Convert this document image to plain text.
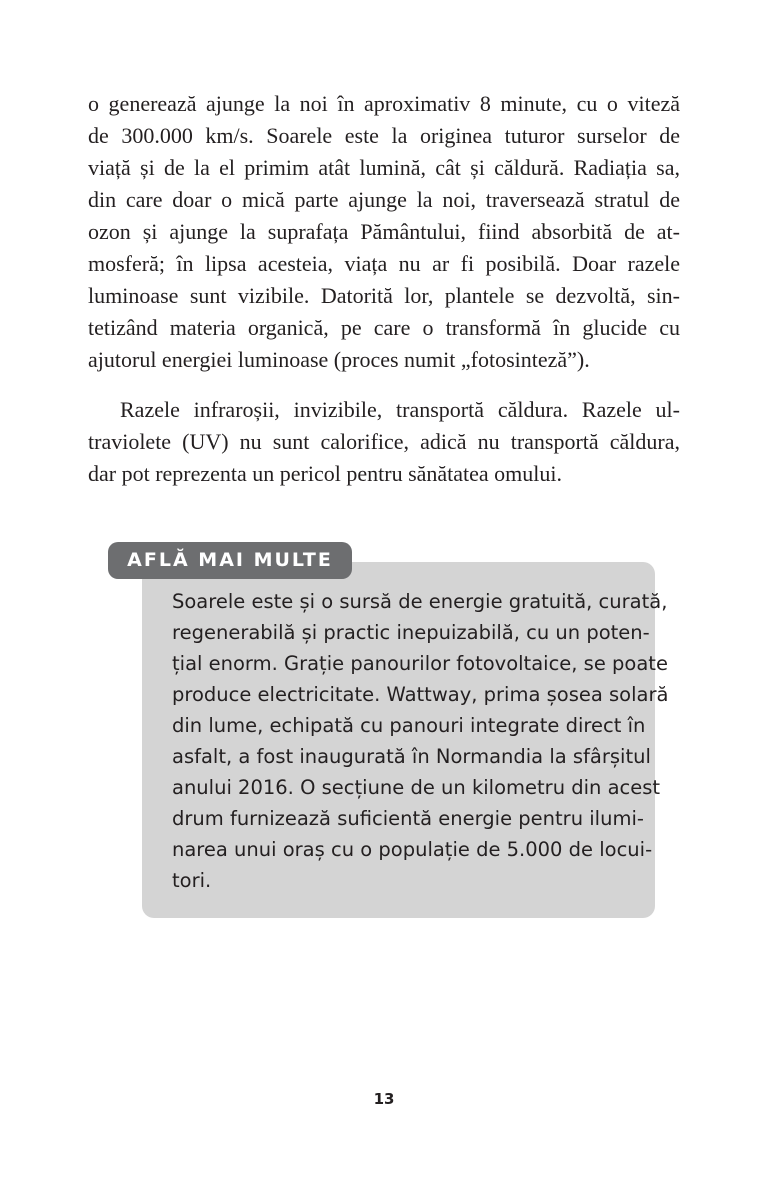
o generează ajunge la noi în aproximativ 8 minute, cu o viteză
de 300.000 km/s. Soarele este la originea tuturor surselor de
viață și de la el primim atât lumină, cât și căldură. Radiația sa,
din care doar o mică parte ajunge la noi, traversează stratul de
ozon și ajunge la suprafața Pământului, fiind absorbită de at-
mosferă; în lipsa acesteia, viața nu ar fi posibilă. Doar razele
luminoase sunt vizibile. Datorită lor, plantele se dezvoltă, sin-
tetizând materia organică, pe care o transformă în glucide cu
ajutorul energiei luminoase (proces numit „fotosinteză”).
Razele infraroșii, invizibile, transportă căldura. Razele ul-
traviolete (UV) nu sunt calorifice, adică nu transportă căldura,
dar pot reprezenta un pericol pentru sănătatea omului.
AFLĂ MAI MULTE
Soarele este și o sursă de energie gratuită, curată,
regenerabilă și practic inepuizabilă, cu un poten-
țial enorm. Grație panourilor fotovoltaice, se poate
produce electricitate. Wattway, prima șosea solară
din lume, echipată cu panouri integrate direct în
asfalt, a fost inaugurată în Normandia la sfârșitul
anului 2016. O secțiune de un kilometru din acest
drum furnizează suficientă energie pentru ilumi-
narea unui oraș cu o populație de 5.000 de locui-
tori.
13
